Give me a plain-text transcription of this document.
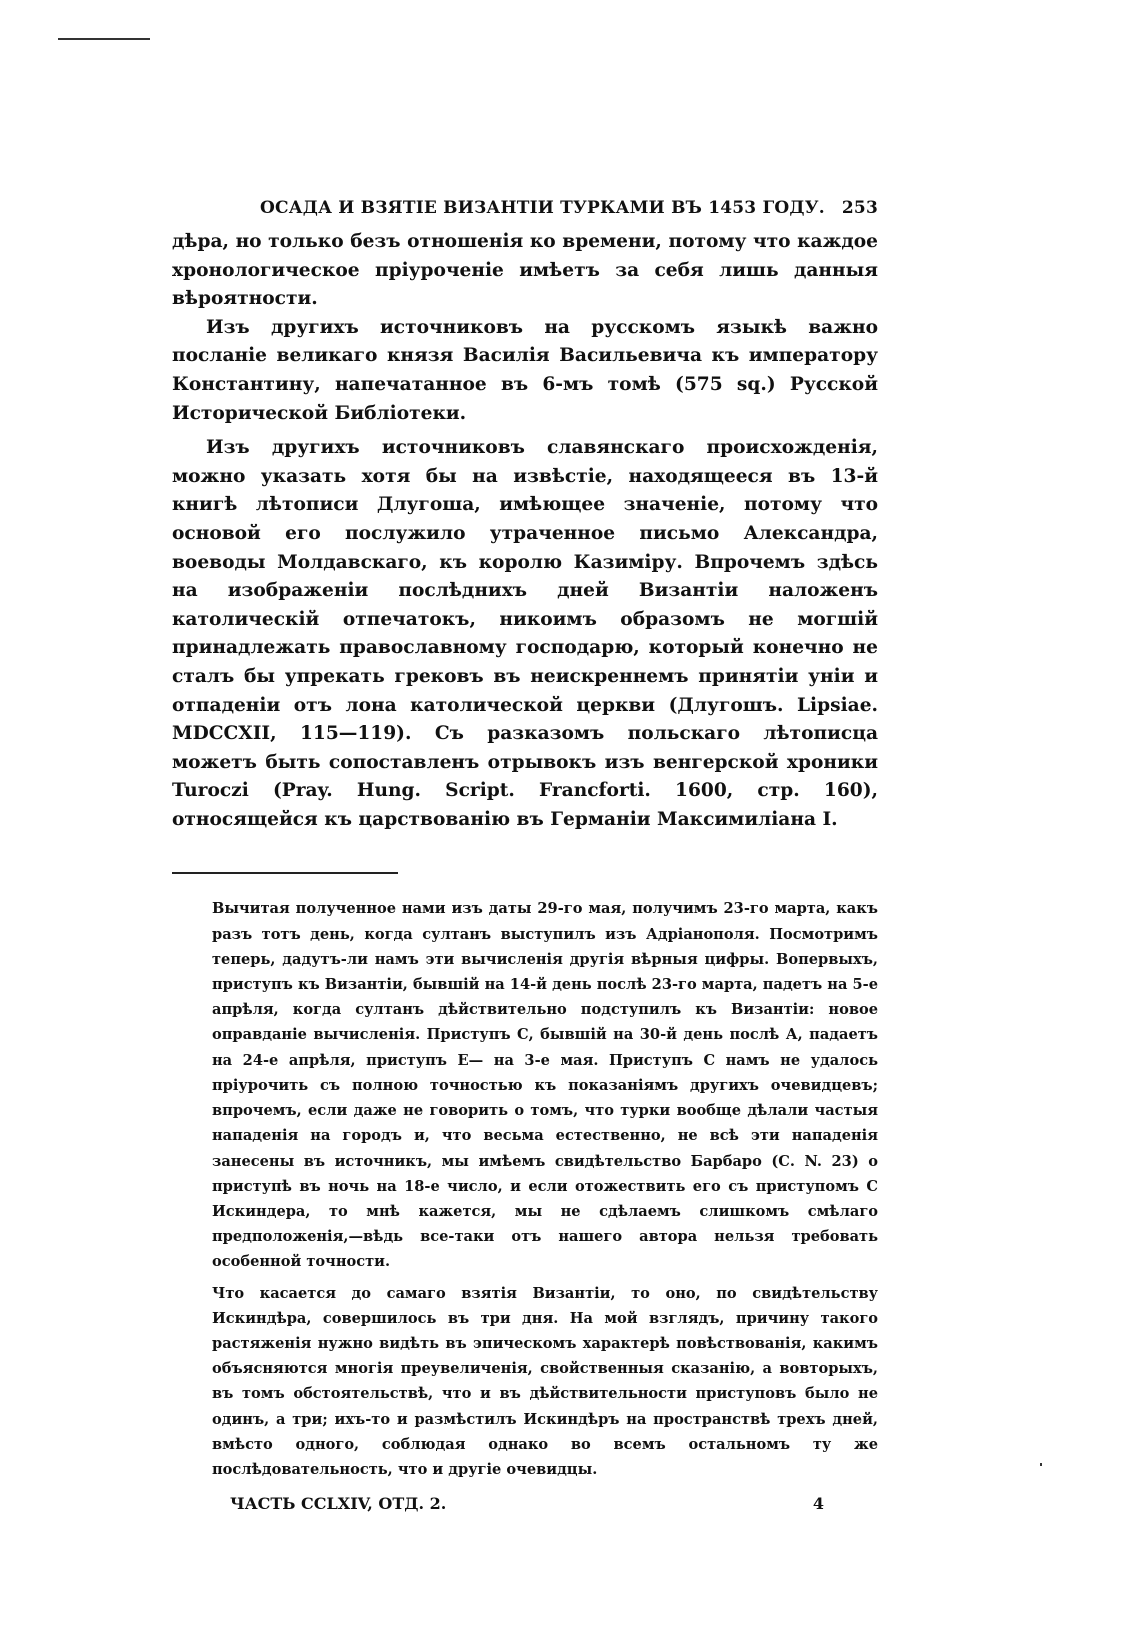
ОСАДА И ВЗЯТІЕ ВИЗАНТІИ ТУРКАМИ ВЪ 1453 ГОДУ. 253

дѣра, но только безъ отношенія ко времени, потому что каждое хронологическое пріуроченіе имѣетъ за себя лишь данныя вѣроятности.

Изъ другихъ источниковъ на русскомъ языкѣ важно посланіе великаго князя Василія Васильевича къ императору Константину, напечатанное въ 6-мъ томѣ (575 sq.) Русской Исторической Библіотеки.

Изъ другихъ источниковъ славянскаго происхожденія, можно указать хотя бы на извѣстіе, находящееся въ 13-й книгѣ лѣтописи Длугоша, имѣющее значеніе, потому что основой его послужило утраченное письмо Александра, воеводы Молдавскаго, къ королю Казиміру. Впрочемъ здѣсь на изображеніи послѣднихъ дней Византіи наложенъ католическій отпечатокъ, никоимъ образомъ не могшій принадлежать православному господарю, который конечно не сталъ бы упрекать грековъ въ неискреннемъ принятіи уніи и отпаденіи отъ лона католической церкви (Длугошъ. Lipsiae. MDCCXII, 115—119). Съ разказомъ польскаго лѣтописца можетъ быть сопоставленъ отрывокъ изъ венгерской хроники Turoczi (Pray. Hung. Script. Francforti. 1600, стр. 160), относящейся къ царствованію въ Германіи Максимиліана I.

Вычитая полученное нами изъ даты 29-го мая, получимъ 23-го марта, какъ разъ тотъ день, когда султанъ выступилъ изъ Адріанополя. Посмотримъ теперь, дадутъ-ли намъ эти вычисленія другія вѣрныя цифры. Вопервыхъ, приступъ къ Византіи, бывшій на 14-й день послѣ 23-го марта, падетъ на 5-е апрѣля, когда султанъ дѣйствительно подступилъ къ Византіи: новое оправданіе вычисленія. Приступъ С, бывшій на 30-й день послѣ А, падаетъ на 24-е апрѣля, приступъ Е— на 3-е мая. Приступъ С намъ не удалось пріурочить съ полною точностью къ показаніямъ другихъ очевидцевъ; впрочемъ, если даже не говорить о томъ, что турки вообще дѣлали частыя нападенія на городъ и, что весьма естественно, не всѣ эти нападенія занесены въ источникъ, мы имѣемъ свидѣтельство Барбаро (С. N. 23) о приступѣ въ ночь на 18-е число, и если отожествить его съ приступомъ С Искиндера, то мнѣ кажется, мы не сдѣлаемъ слишкомъ смѣлаго предположенія,—вѣдь все-таки отъ нашего автора нельзя требовать особенной точности.

Что касается до самаго взятія Византіи, то оно, по свидѣтельству Искиндѣра, совершилось въ три дня. На мой взглядъ, причину такого растяженія нужно видѣть въ эпическомъ характерѣ повѣствованія, какимъ объясняются многія преувеличенія, свойственныя сказанію, а вовторыхъ, въ томъ обстоятельствѣ, что и въ дѣйствительности приступовъ было не одинъ, а три; ихъ-то и размѣстилъ Искиндѣръ на пространствѣ трехъ дней, вмѣсто одного, соблюдая однако во всемъ остальномъ ту же послѣдовательность, что и другіе очевидцы.

ЧАСТЬ CCLXIV, ОТД. 2.	4
